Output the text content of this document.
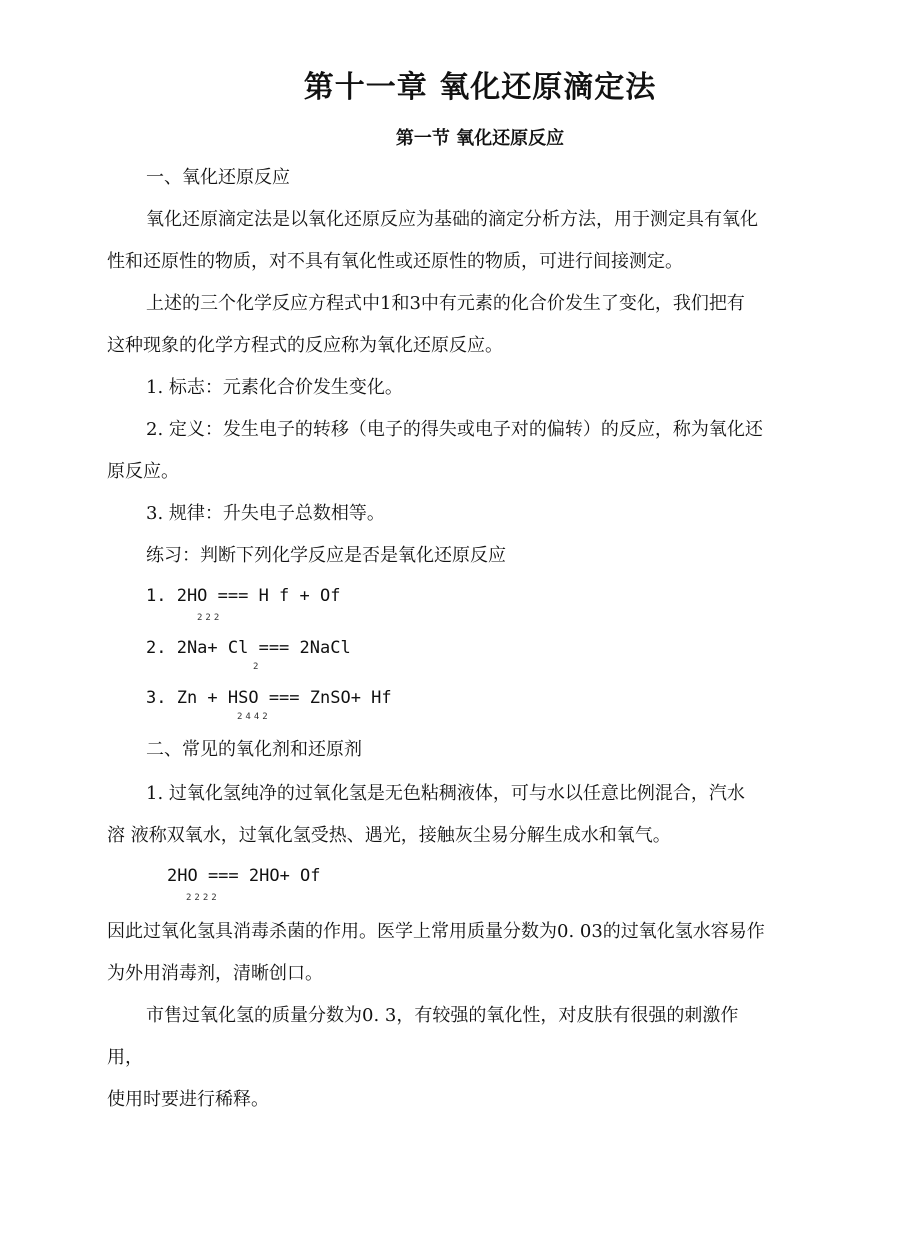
第十一章 氧化还原滴定法
第一节 氧化还原反应
一、氧化还原反应
氧化还原滴定法是以氧化还原反应为基础的滴定分析方法，用于测定具有氧化
性和还原性的物质，对不具有氧化性或还原性的物质，可进行间接测定。
上述的三个化学反应方程式中1和3中有元素的化合价发生了变化，我们把有
这种现象的化学方程式的反应称为氧化还原反应。
1. 标志：元素化合价发生变化。
2. 定义：发生电子的转移（电子的得失或电子对的偏转）的反应，称为氧化还
原反应。
3. 规律：升失电子总数相等。
练习：判断下列化学反应是否是氧化还原反应
1. 2HO === H f + Of
222
2. 2Na+ Cl === 2NaCl
2
3. Zn + HSO === ZnSO+ Hf
2442
二、常见的氧化剂和还原剂
1. 过氧化氢纯净的过氧化氢是无色粘稠液体，可与水以任意比例混合，汽水
溶 液称双氧水，过氧化氢受热、遇光，接触灰尘易分解生成水和氧气。
2HO === 2HO+ Of
2222
因此过氧化氢具消毒杀菌的作用。医学上常用质量分数为0. 03的过氧化氢水容易作
为外用消毒剂，清晰创口。
市售过氧化氢的质量分数为0. 3，有较强的氧化性，对皮肤有很强的刺激作
用，
使用时要进行稀释。
